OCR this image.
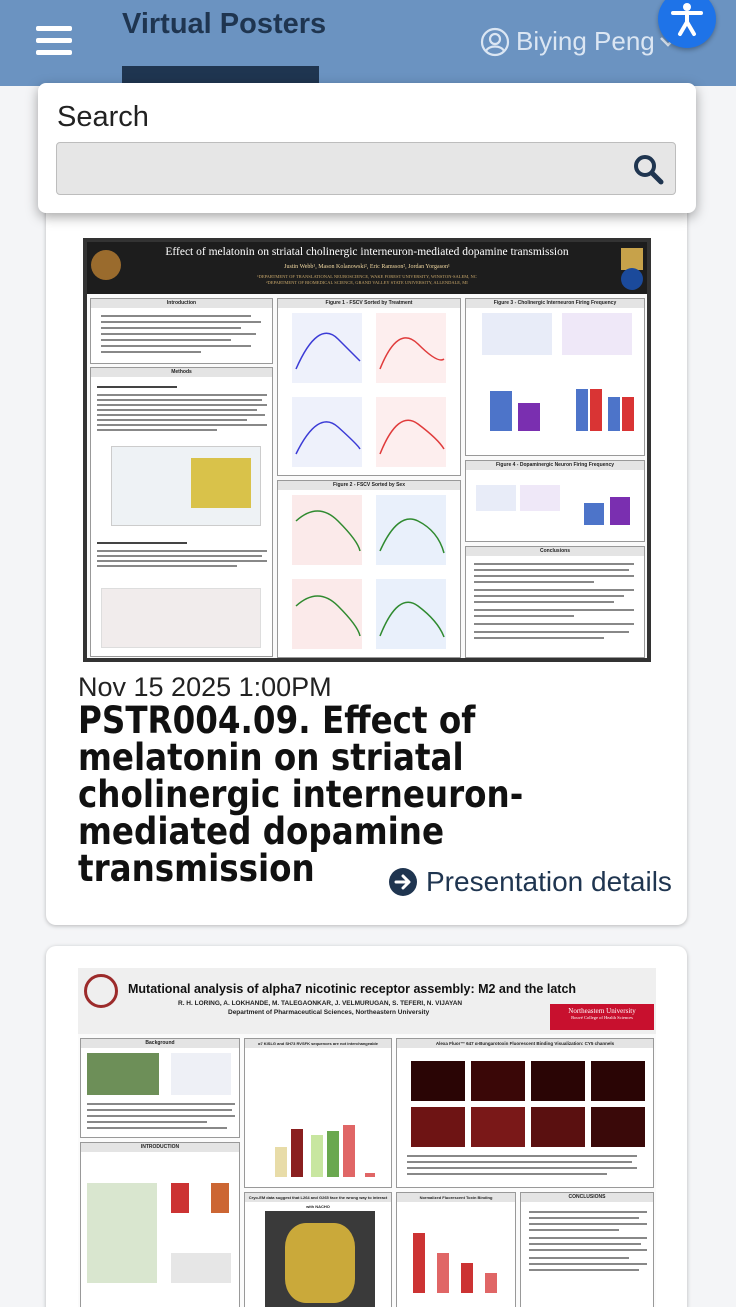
Virtual Posters
Biying Peng
Search
Effect of melatonin on striatal cholinergic interneuron-mediated dopamine transmission
Justin Webb¹, Mason Kolanowski², Eric Ramsson², Jordan Yorgason¹
¹DEPARTMENT OF TRANSLATIONAL NEUROSCIENCE, WAKE FOREST UNIVERSITY, WINSTON-SALEM, NC
²DEPARTMENT OF BIOMEDICAL SCIENCE, GRAND VALLEY STATE UNIVERSITY, ALLENDALE, MI
Introduction
Methods
Figure 1 - FSCV Sorted by Treatment
Figure 2 - FSCV Sorted by Sex
Figure 3 - Cholinergic Interneuron Firing Frequency
Figure 4 - Dopaminergic Neuron Firing Frequency
Conclusions
Nov 15 2025 1:00PM
PSTR004.09. Effect of melatonin on striatal cholinergic interneuron-mediated dopamine transmission	Presentation details
Mutational analysis of alpha7 nicotinic receptor assembly: M2 and the latch
R. H. LORING, A. LOKHANDE, M. TALEGAONKAR, J. VELMURUGAN, S. TEFERI, N. VIJAYAN
Department of Pharmaceutical Sciences, Northeastern University	Northeastern University
Bouvé College of Health Sciences
Background	α7 KISLG and SH73 RVSFK sequences are not interchangeable	Alexa Fluor™ 647 α-Bungarotoxin Fluorescent Binding Visualization: CY5 channels
INTRODUCTION
Cryo-EM data suggest that L264 and G265 face the wrong way to interact with NACHO
Normalized Fluorescent Toxin Binding	CONCLUSIONS
